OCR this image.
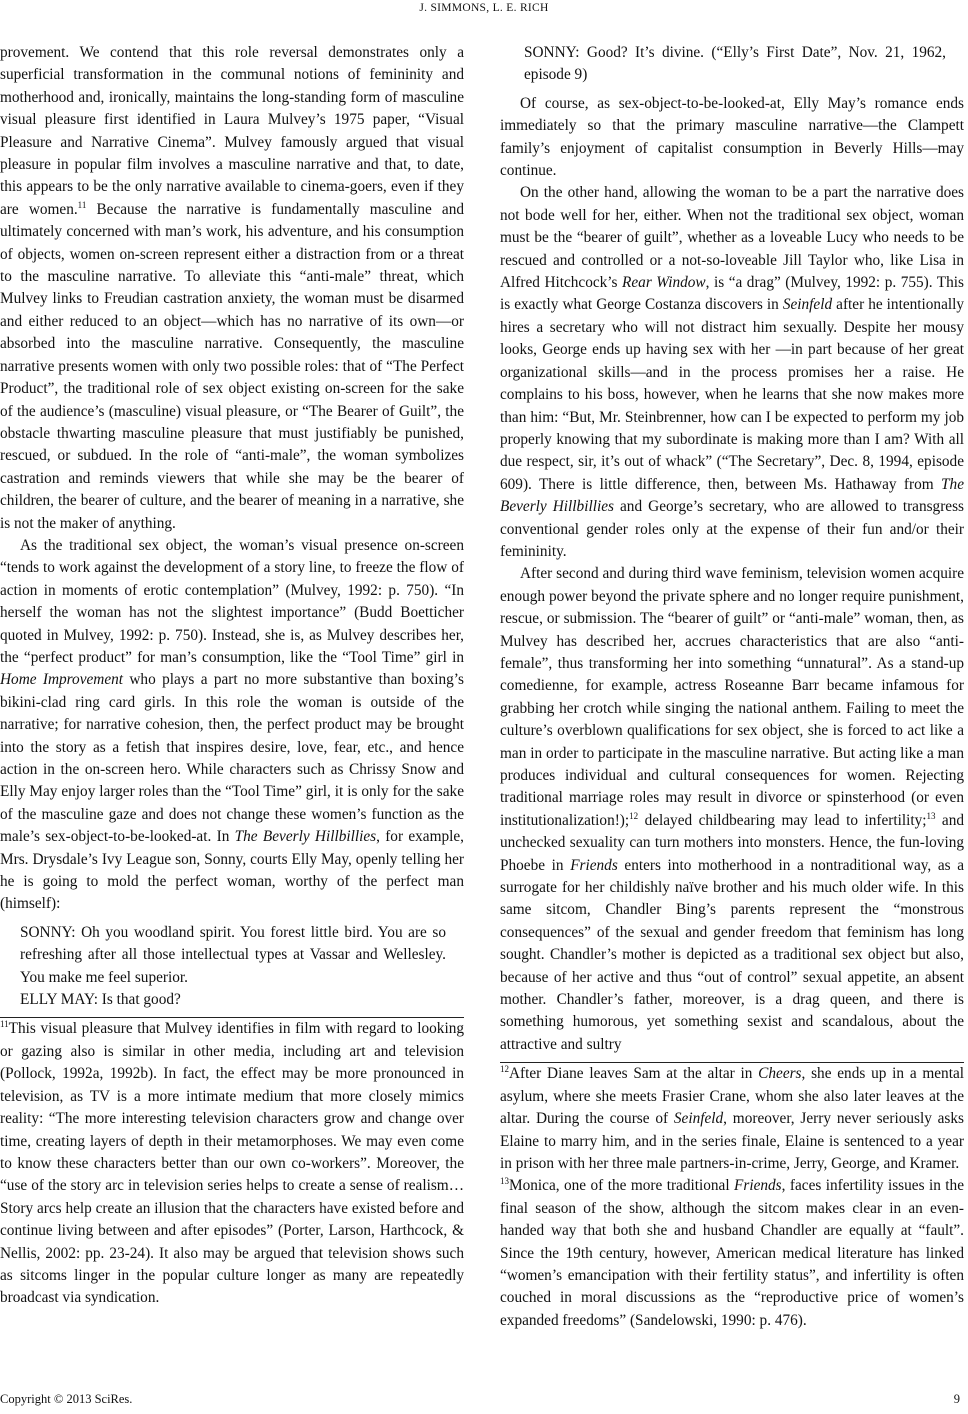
J. SIMMONS, L. E. RICH

provement. We contend that this role reversal demonstrates only a superficial transformation in the communal notions of femininity and motherhood and, ironically, maintains the long-standing form of masculine visual pleasure first identified in Laura Mulvey’s 1975 paper, “Visual Pleasure and Narrative Cinema”. Mulvey famously argued that visual pleasure in popular film involves a masculine narrative and that, to date, this appears to be the only narrative available to cinema-goers, even if they are women.$^{11}$ Because the narrative is fundamentally masculine and ultimately concerned with man’s work, his adventure, and his consumption of objects, women on-screen represent either a distraction from or a threat to the masculine narrative. To alleviate this “anti-male” threat, which Mulvey links to Freudian castration anxiety, the woman must be disarmed and either reduced to an object—which has no narrative of its own—or absorbed into the masculine narrative. Consequently, the masculine narrative presents women with only two possible roles: that of “The Perfect Product”, the traditional role of sex object existing on-screen for the sake of the audience’s (masculine) visual pleasure, or “The Bearer of Guilt”, the obstacle thwarting masculine pleasure that must justifiably be punished, rescued, or subdued. In the role of “anti-male”, the woman symbolizes castration and reminds viewers that while she may be the bearer of children, the bearer of culture, and the bearer of meaning in a narrative, she is not the maker of anything.

As the traditional sex object, the woman’s visual presence on-screen “tends to work against the development of a story line, to freeze the flow of action in moments of erotic contemplation” (Mulvey, 1992: p. 750). “In herself the woman has not the slightest importance” (Budd Boetticher quoted in Mulvey, 1992: p. 750). Instead, she is, as Mulvey describes her, the “perfect product” for man’s consumption, like the “Tool Time” girl in Home Improvement who plays a part no more substantive than boxing’s bikini-clad ring card girls. In this role the woman is outside of the narrative; for narrative cohesion, then, the perfect product may be brought into the story as a fetish that inspires desire, love, fear, etc., and hence action in the on-screen hero. While characters such as Chrissy Snow and Elly May enjoy larger roles than the “Tool Time” girl, it is only for the sake of the masculine gaze and does not change these women’s function as the male’s sex-object-to-be-looked-at. In The Beverly Hillbillies, for example, Mrs. Drysdale’s Ivy League son, Sonny, courts Elly May, openly telling her he is going to mold the perfect woman, worthy of the perfect man (himself):

SONNY: Oh you woodland spirit. You forest little bird. You are so refreshing after all those intellectual types at Vassar and Wellesley. You make me feel superior.
ELLY MAY: Is that good?

$^{11}$This visual pleasure that Mulvey identifies in film with regard to looking or gazing also is similar in other media, including art and television (Pollock, 1992a, 1992b). In fact, the effect may be more pronounced in television, as TV is a more intimate medium that more closely mimics reality: “The more interesting television characters grow and change over time, creating layers of depth in their metamorphoses. We may even come to know these characters better than our own co-workers”. Moreover, the “use of the story arc in television series helps to create a sense of realism… Story arcs help create an illusion that the characters have existed before and continue living between and after episodes” (Porter, Larson, Harthcock, & Nellis, 2002: pp. 23-24). It also may be argued that television shows such as sitcoms linger in the popular culture longer as many are repeatedly broadcast via syndication.

SONNY: Good? It’s divine. (“Elly’s First Date”, Nov. 21, 1962, episode 9)

Of course, as sex-object-to-be-looked-at, Elly May’s romance ends immediately so that the primary masculine narrative—the Clampett family’s enjoyment of capitalist consumption in Beverly Hills—may continue.

On the other hand, allowing the woman to be a part the narrative does not bode well for her, either. When not the traditional sex object, woman must be the “bearer of guilt”, whether as a loveable Lucy who needs to be rescued and controlled or a not-so-loveable Jill Taylor who, like Lisa in Alfred Hitchcock’s Rear Window, is “a drag” (Mulvey, 1992: p. 755). This is exactly what George Costanza discovers in Seinfeld after he intentionally hires a secretary who will not distract him sexually. Despite her mousy looks, George ends up having sex with her —in part because of her great organizational skills—and in the process promises her a raise. He complains to his boss, however, when he learns that she now makes more than him: “But, Mr. Steinbrenner, how can I be expected to perform my job properly knowing that my subordinate is making more than I am? With all due respect, sir, it’s out of whack” (“The Secretary”, Dec. 8, 1994, episode 609). There is little difference, then, between Ms. Hathaway from The Beverly Hillbillies and George’s secretary, who are allowed to transgress conventional gender roles only at the expense of their fun and/or their femininity.

After second and during third wave feminism, television women acquire enough power beyond the private sphere and no longer require punishment, rescue, or submission. The “bearer of guilt” or “anti-male” woman, then, as Mulvey has described her, accrues characteristics that are also “anti-female”, thus transforming her into something “unnatural”. As a stand-up comedienne, for example, actress Roseanne Barr became infamous for grabbing her crotch while singing the national anthem. Failing to meet the culture’s overblown qualifications for sex object, she is forced to act like a man in order to participate in the masculine narrative. But acting like a man produces individual and cultural consequences for women. Rejecting traditional marriage roles may result in divorce or spinsterhood (or even institutionalization!);$^{12}$ delayed childbearing may lead to infertility;$^{13}$ and unchecked sexuality can turn mothers into monsters. Hence, the fun-loving Phoebe in Friends enters into motherhood in a nontraditional way, as a surrogate for her childishly naïve brother and his much older wife. In this same sitcom, Chandler Bing’s parents represent the “monstrous consequences” of the sexual and gender freedom that feminism has long sought. Chandler’s mother is depicted as a traditional sex object but also, because of her active and thus “out of control” sexual appetite, an absent mother. Chandler’s father, moreover, is a drag queen, and there is something humorous, yet something sexist and scandalous, about the attractive and sultry

$^{12}$After Diane leaves Sam at the altar in Cheers, she ends up in a mental asylum, where she meets Frasier Crane, whom she also later leaves at the altar. During the course of Seinfeld, moreover, Jerry never seriously asks Elaine to marry him, and in the series finale, Elaine is sentenced to a year in prison with her three male partners-in-crime, Jerry, George, and Kramer.

$^{13}$Monica, one of the more traditional Friends, faces infertility issues in the final season of the show, although the sitcom makes clear in an even-handed way that both she and husband Chandler are equally at “fault”. Since the 19th century, however, American medical literature has linked “women’s emancipation with their fertility status”, and infertility is often couched in moral discussions as the “reproductive price of women’s expanded freedoms” (Sandelowski, 1990: p. 476).

Copyright © 2013 SciRes.	9
